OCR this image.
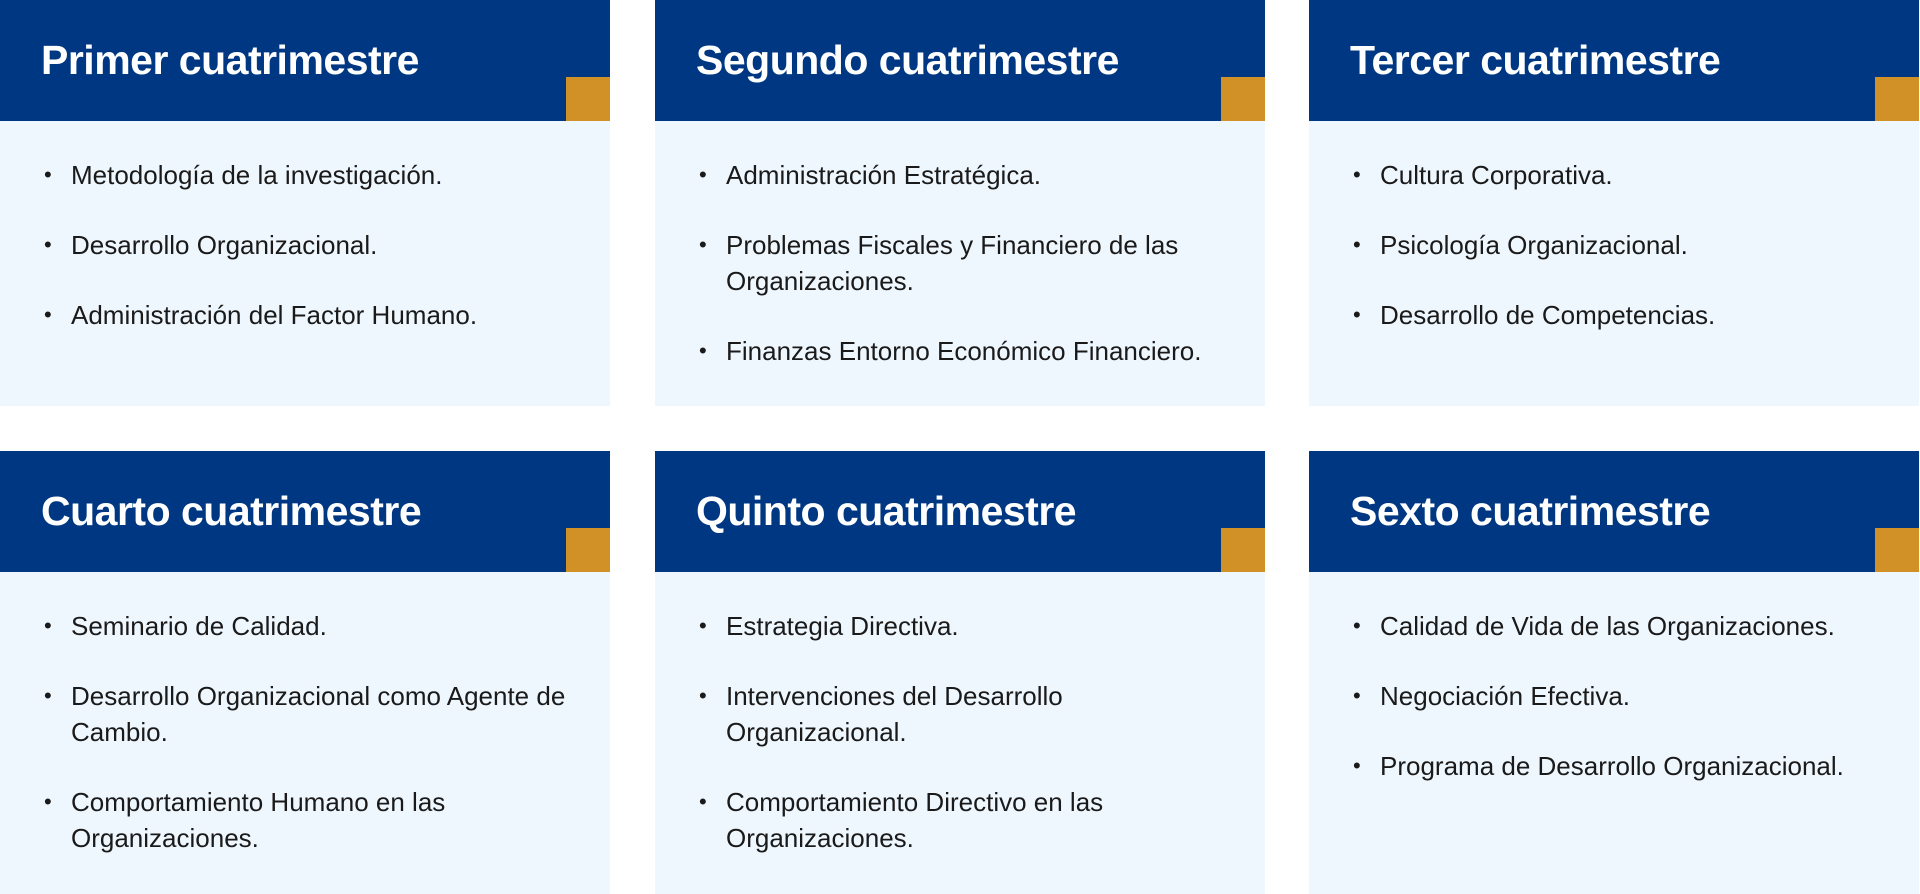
Primer cuatrimestre
• Metodología de la investigación.
• Desarrollo Organizacional.
• Administración del Factor Humano.
Segundo cuatrimestre
• Administración Estratégica.
• Problemas Fiscales y Financiero de las Organizaciones.
• Finanzas Entorno Económico Financiero.
Tercer cuatrimestre
• Cultura Corporativa.
• Psicología Organizacional.
• Desarrollo de Competencias.
Cuarto cuatrimestre
• Seminario de Calidad.
• Desarrollo Organizacional como Agente de Cambio.
• Comportamiento Humano en las Organizaciones.
Quinto cuatrimestre
• Estrategia Directiva.
• Intervenciones del Desarrollo Organizacional.
• Comportamiento Directivo en las Organizaciones.
Sexto cuatrimestre
• Calidad de Vida de las Organizaciones.
• Negociación Efectiva.
• Programa de Desarrollo Organizacional.
